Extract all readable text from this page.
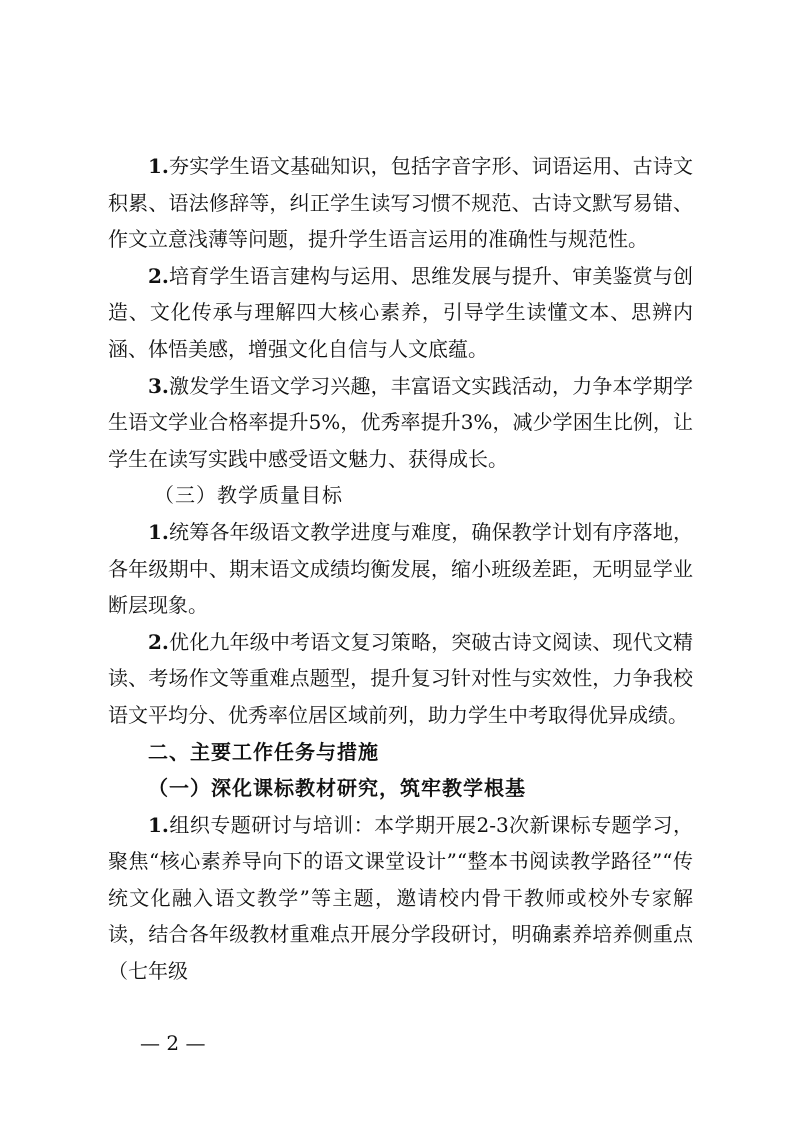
1.夯实学生语文基础知识，包括字音字形、词语运用、古诗文积累、语法修辞等，纠正学生读写习惯不规范、古诗文默写易错、作文立意浅薄等问题，提升学生语言运用的准确性与规范性。

2.培育学生语言建构与运用、思维发展与提升、审美鉴赏与创造、文化传承与理解四大核心素养，引导学生读懂文本、思辨内涵、体悟美感，增强文化自信与人文底蕴。

3.激发学生语文学习兴趣，丰富语文实践活动，力争本学期学生语文学业合格率提升5%，优秀率提升3%，减少学困生比例，让学生在读写实践中感受语文魅力、获得成长。

（三）教学质量目标

1.统筹各年级语文教学进度与难度，确保教学计划有序落地，各年级期中、期末语文成绩均衡发展，缩小班级差距，无明显学业断层现象。

2.优化九年级中考语文复习策略，突破古诗文阅读、现代文精读、考场作文等重难点题型，提升复习针对性与实效性，力争我校语文平均分、优秀率位居区域前列，助力学生中考取得优异成绩。

二、主要工作任务与措施

（一）深化课标教材研究，筑牢教学根基

1.组织专题研讨与培训：本学期开展2-3次新课标专题学习，聚焦“核心素养导向下的语文课堂设计”“整本书阅读教学路径”“传统文化融入语文教学”等主题，邀请校内骨干教师或校外专家解读，结合各年级教材重难点开展分学段研讨，明确素养培养侧重点（七年级

— 2 —
